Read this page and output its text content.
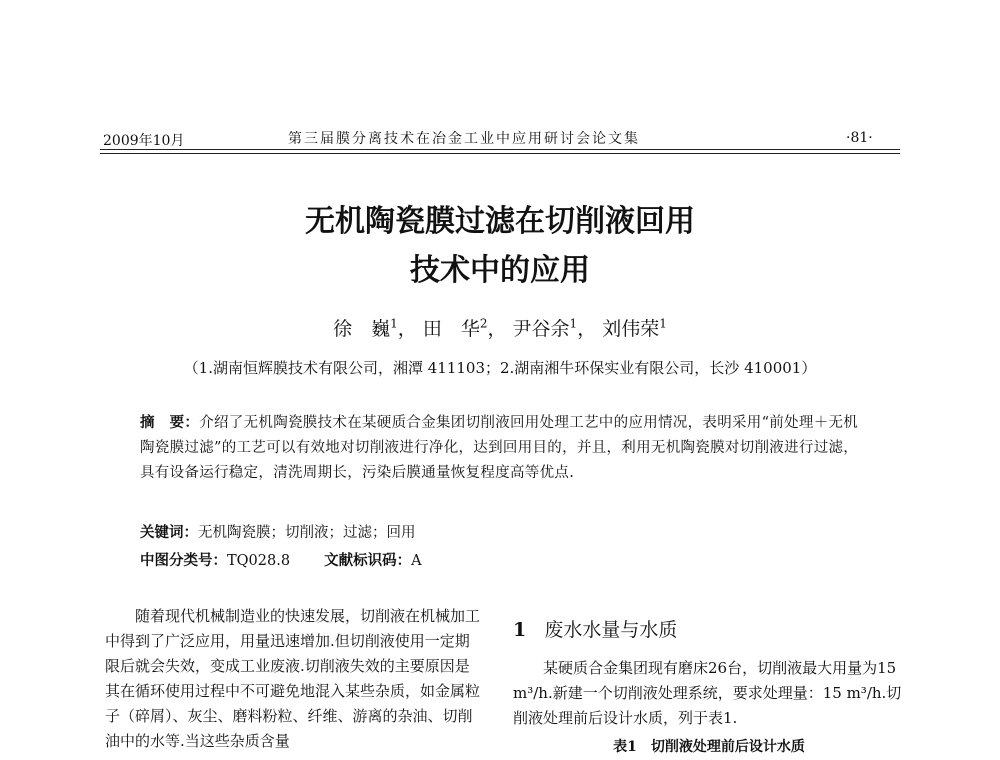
2009年10月	第三届膜分离技术在冶金工业中应用研讨会论文集	·81·
无机陶瓷膜过滤在切削液回用
技术中的应用
徐　巍$^1$， 田　华$^2$， 尹谷余$^1$， 刘伟荣$^1$
（1.湖南恒辉膜技术有限公司，湘潭 411103；2.湖南湘牛环保实业有限公司，长沙 410001）
摘　要：介绍了无机陶瓷膜技术在某硬质合金集团切削液回用处理工艺中的应用情况，表明采用“前处理＋无机陶瓷膜过滤”的工艺可以有效地对切削液进行净化，达到回用目的，并且，利用无机陶瓷膜对切削液进行过滤，具有设备运行稳定，清洗周期长，污染后膜通量恢复程度高等优点.
关键词：无机陶瓷膜；切削液；过滤；回用
中图分类号：TQ028.8 文献标识码：A

随着现代机械制造业的快速发展，切削液在机械加工中得到了广泛应用，用量迅速增加.但切削液使用一定期限后就会失效，变成工业废液.切削液失效的主要原因是其在循环使用过程中不可避免地混入某些杂质，如金属粒子（碎屑）、灰尘、磨料粉粒、纤维、游离的杂油、切削油中的水等.当这些杂质含量

1 废水水量与水质

某硬质合金集团现有磨床26台，切削液最大用量为15 m³/h.新建一个切削液处理系统，要求处理量：15 m³/h.切削液处理前后设计水质，列于表1.

表1　切削液处理前后设计水质
